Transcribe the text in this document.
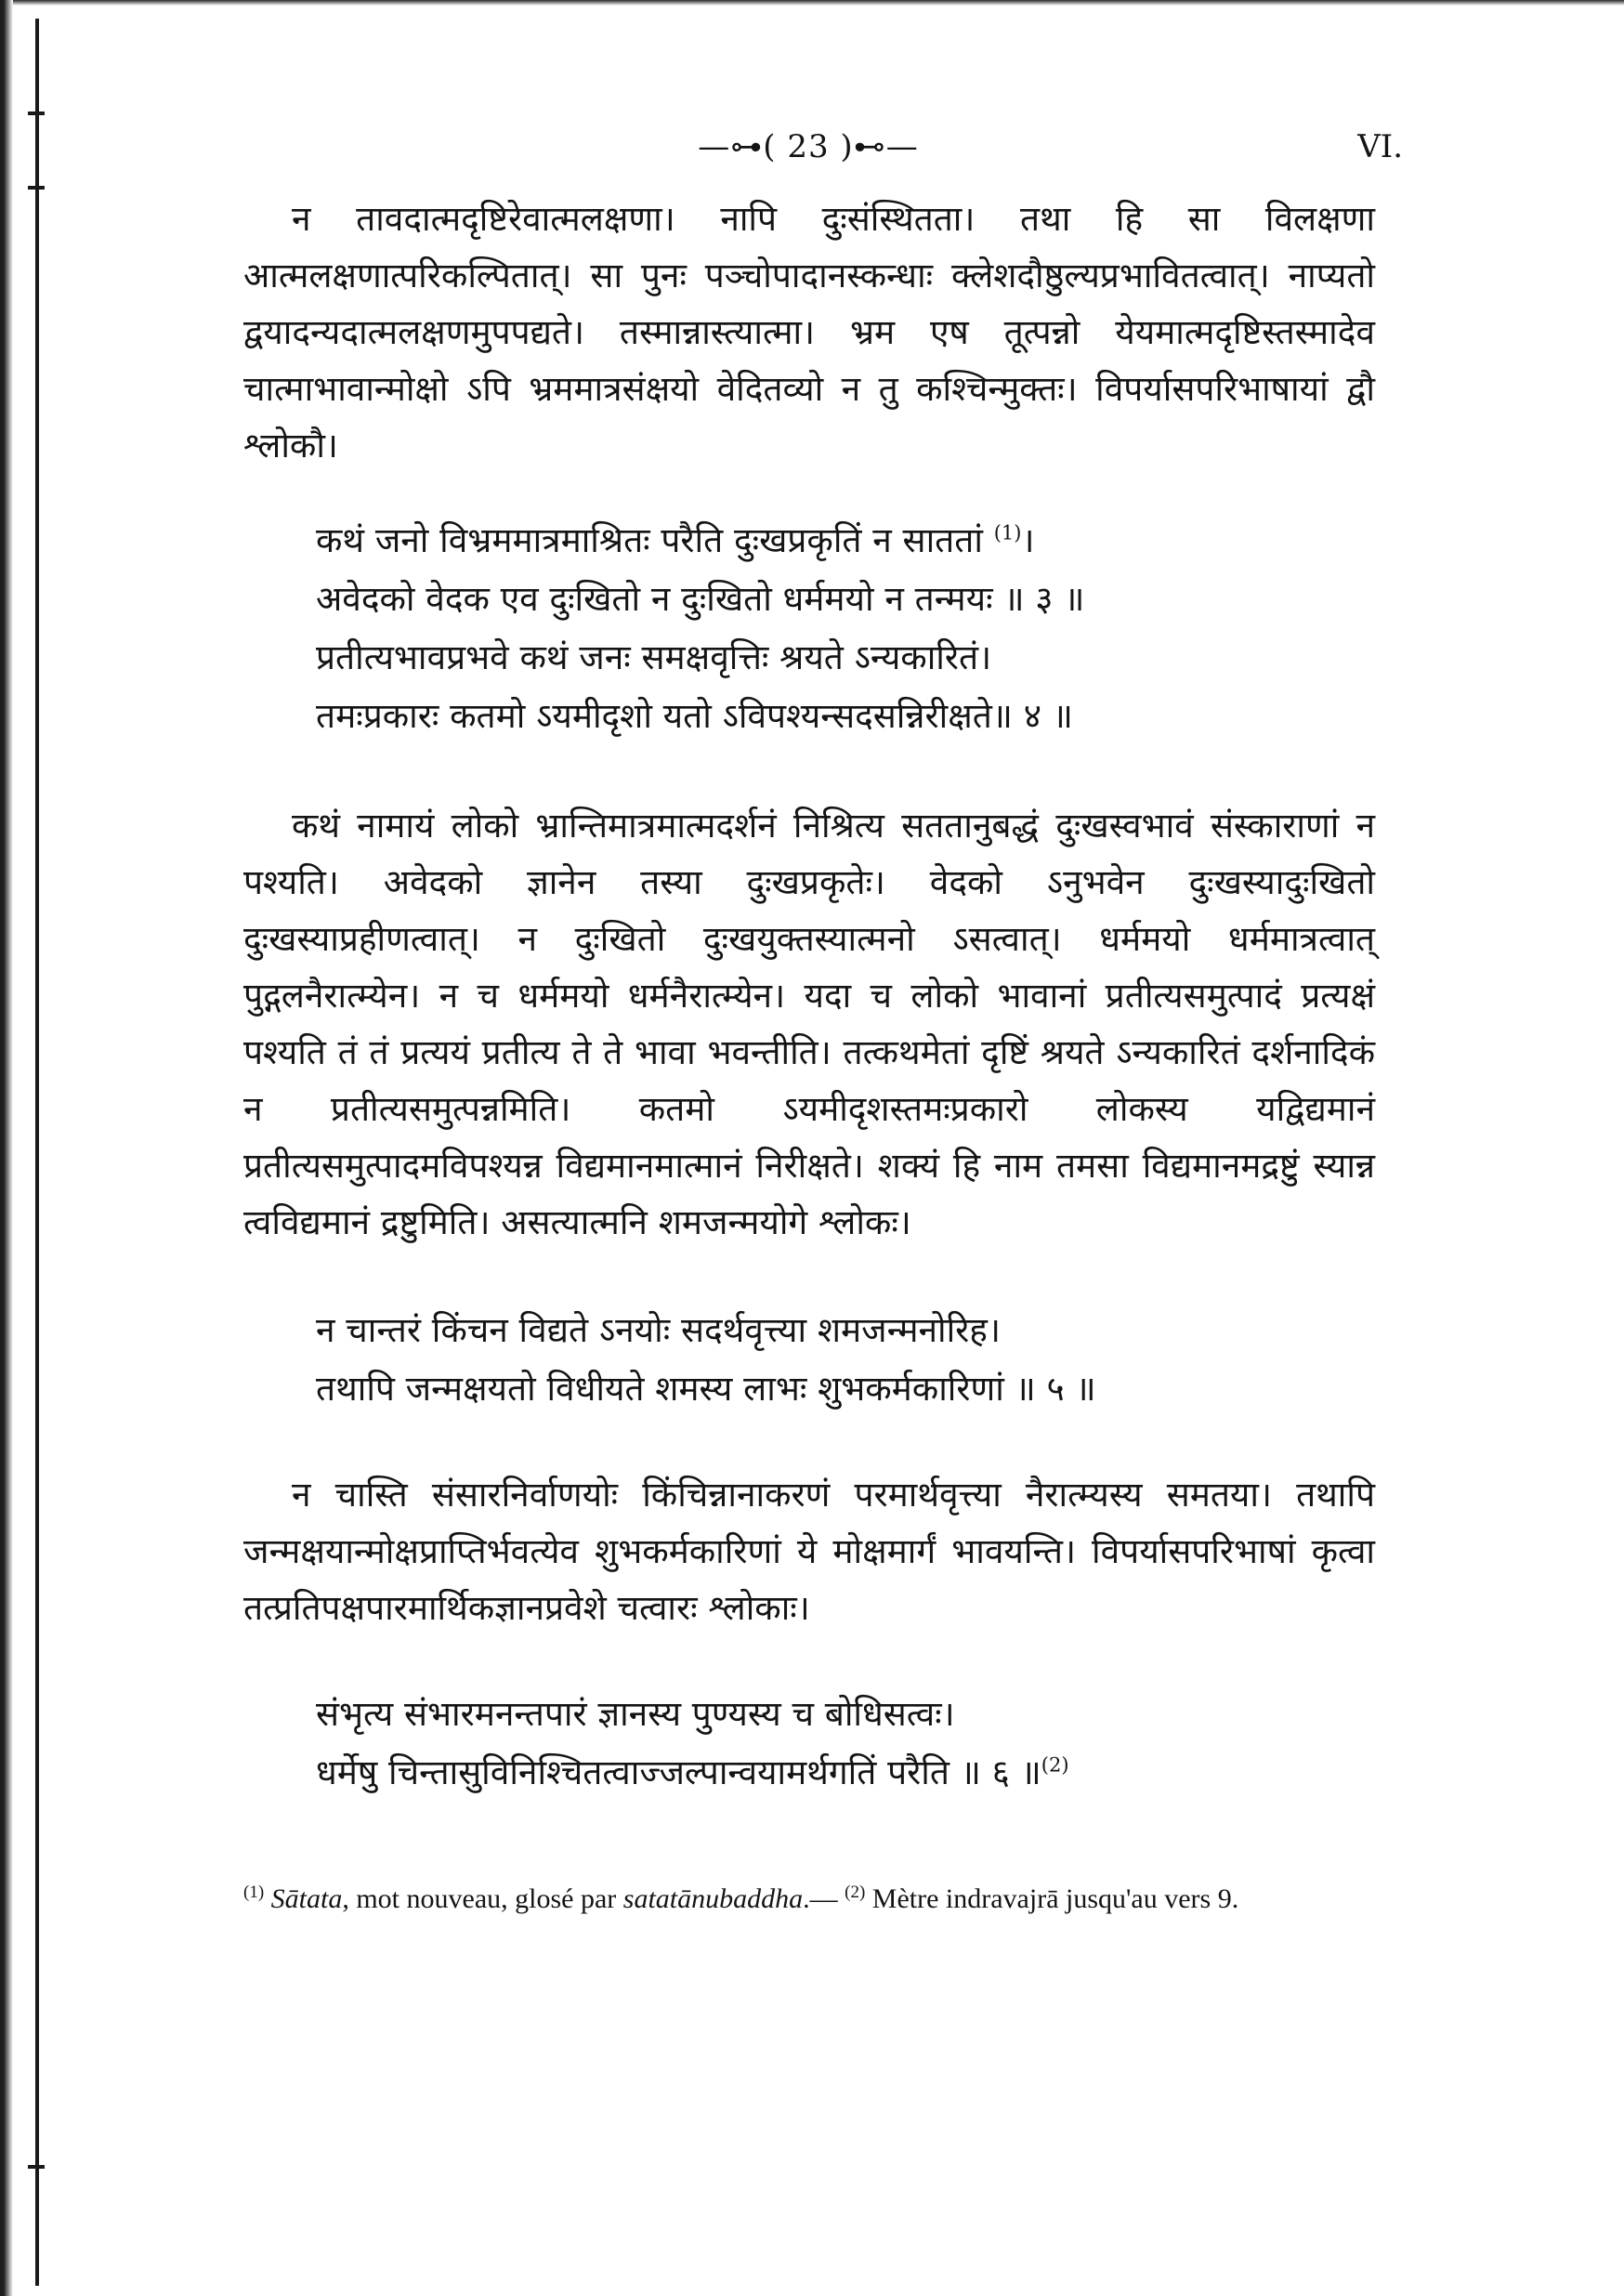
—⊶( 23 )⊷—	VI.

न तावदात्मदृष्टिरेवात्मलक्षणा। नापि दुःसंस्थितता। तथा हि सा विलक्षणा आत्मलक्षणात्परिकल्पितात्। सा पुनः पञ्चोपादानस्कन्धाः क्लेशदौष्ठुल्यप्रभावितत्वात्। नाप्यतो द्वयादन्यदात्मलक्षणमुपपद्यते। तस्मान्नास्त्यात्मा। भ्रम एष तूत्पन्नो येयमात्मदृष्टिस्तस्मादेव चात्माभावान्मोक्षो ऽपि भ्रममात्रसंक्षयो वेदितव्यो न तु कश्चिन्मुक्तः। विपर्यासपरिभाषायां द्वौ श्लोकौ।

कथं जनो विभ्रममात्रमाश्रितः परैति दुःखप्रकृतिं न साततां $^{(1)}$।
अवेदको वेदक एव दुःखितो न दुःखितो धर्ममयो न तन्मयः ॥ ३ ॥
प्रतीत्यभावप्रभवे कथं जनः समक्षवृत्तिः श्रयते ऽन्यकारितं।
तमःप्रकारः कतमो ऽयमीदृशो यतो ऽविपश्यन्सदसन्निरीक्षते॥ ४ ॥

कथं नामायं लोको भ्रान्तिमात्रमात्मदर्शनं निश्रित्य सततानुबद्धं दुःखस्वभावं संस्काराणां न पश्यति। अवेदको ज्ञानेन तस्या दुःखप्रकृतेः। वेदको ऽनुभवेन दुःखस्यादुःखितो दुःखस्याप्रहीणत्वात्। न दुःखितो दुःखयुक्तस्यात्मनो ऽसत्वात्। धर्ममयो धर्ममात्रत्वात् पुद्गलनैरात्म्येन। न च धर्ममयो धर्मनैरात्म्येन। यदा च लोको भावानां प्रतीत्यसमुत्पादं प्रत्यक्षं पश्यति तं तं प्रत्ययं प्रतीत्य ते ते भावा भवन्तीति। तत्कथमेतां दृष्टिं श्रयते ऽन्यकारितं दर्शनादिकं न प्रतीत्यसमुत्पन्नमिति। कतमो ऽयमीदृशस्तमःप्रकारो लोकस्य यद्विद्यमानं प्रतीत्यसमुत्पादमविपश्यन्न विद्यमानमात्मानं निरीक्षते। शक्यं हि नाम तमसा विद्यमानमद्रष्टुं स्यान्न त्वविद्यमानं द्रष्टुमिति। असत्यात्मनि शमजन्मयोगे श्लोकः।

न चान्तरं किंचन विद्यते ऽनयोः सदर्थवृत्त्या शमजन्मनोरिह।
तथापि जन्मक्षयतो विधीयते शमस्य लाभः शुभकर्मकारिणां ॥ ५ ॥

न चास्ति संसारनिर्वाणयोः किंचिन्नानाकरणं परमार्थवृत्त्या नैरात्म्यस्य समतया। तथापि जन्मक्षयान्मोक्षप्राप्तिर्भवत्येव शुभकर्मकारिणां ये मोक्षमार्गं भावयन्ति। विपर्यासपरिभाषां कृत्वा तत्प्रतिपक्षपारमार्थिकज्ञानप्रवेशे चत्वारः श्लोकाः।

संभृत्य संभारमनन्तपारं ज्ञानस्य पुण्यस्य च बोधिसत्वः।
धर्मेषु चिन्तासुविनिश्चितत्वाज्जल्पान्वयामर्थगतिं परैति ॥ ६ ॥$^{(2)}$

$^{(1)}$ Sātata, mot nouveau, glosé par satatānubaddha.— $^{(2)}$ Mètre indravajrā jusqu'au vers 9.
